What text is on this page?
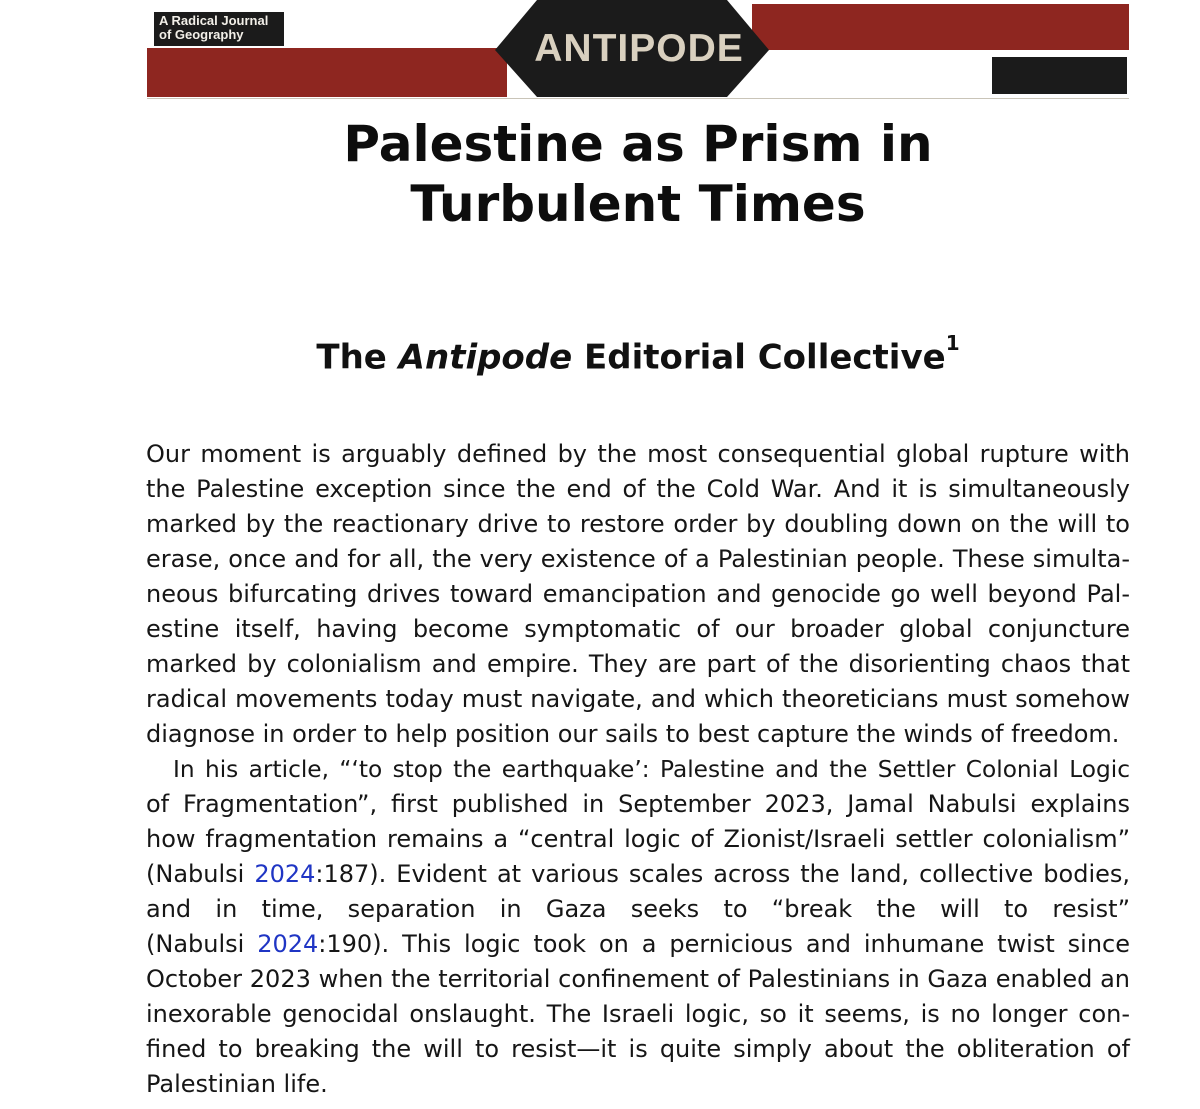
A Radical Journal
of Geography	ANTIPODE
Palestine as Prism in
Turbulent Times
The Antipode Editorial Collective$^1$
Our moment is arguably defined by the most consequential global rupture with
the Palestine exception since the end of the Cold War. And it is simultaneously
marked by the reactionary drive to restore order by doubling down on the will to
erase, once and for all, the very existence of a Palestinian people. These simulta-
neous bifurcating drives toward emancipation and genocide go well beyond Pal-
estine itself, having become symptomatic of our broader global conjuncture
marked by colonialism and empire. They are part of the disorienting chaos that
radical movements today must navigate, and which theoreticians must somehow
diagnose in order to help position our sails to best capture the winds of freedom.
In his article, “‘to stop the earthquake’: Palestine and the Settler Colonial Logic
of Fragmentation”, first published in September 2023, Jamal Nabulsi explains
how fragmentation remains a “central logic of Zionist/Israeli settler colonialism”
(Nabulsi 2024:187). Evident at various scales across the land, collective bodies,
and in time, separation in Gaza seeks to “break the will to resist”
(Nabulsi 2024:190). This logic took on a pernicious and inhumane twist since
October 2023 when the territorial confinement of Palestinians in Gaza enabled an
inexorable genocidal onslaught. The Israeli logic, so it seems, is no longer con-
fined to breaking the will to resist—it is quite simply about the obliteration of
Palestinian life.
